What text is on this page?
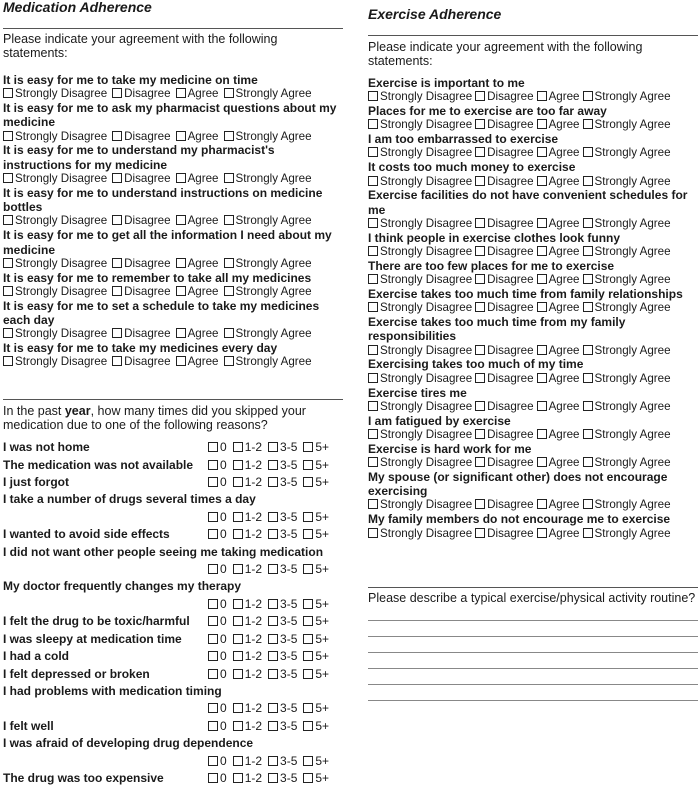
Medication Adherence
Please indicate your agreement with the following statements:
It is easy for me to take my medicine on time
Strongly Disagree Disagree Agree Strongly Agree
It is easy for me to ask my pharmacist questions about my medicine
Strongly Disagree Disagree Agree Strongly Agree
It is easy for me to understand my pharmacist's instructions for my medicine
Strongly Disagree Disagree Agree Strongly Agree
It is easy for me to understand instructions on medicine bottles
Strongly Disagree Disagree Agree Strongly Agree
It is easy for me to get all the information I need about my medicine
Strongly Disagree Disagree Agree Strongly Agree
It is easy for me to remember to take all my medicines
Strongly Disagree Disagree Agree Strongly Agree
It is easy for me to set a schedule to take my medicines each day
Strongly Disagree Disagree Agree Strongly Agree
It is easy for me to take my medicines every day
Strongly Disagree Disagree Agree Strongly Agree
In the past year, how many times did you skipped your medication due to one of the following reasons?
I was not home	0	1-2	3-5	5+
The medication was not available	0	1-2	3-5	5+
I just forgot	0	1-2	3-5	5+
I take a number of drugs several times a day
0	1-2	3-5	5+
I wanted to avoid side effects	0	1-2	3-5	5+
I did not want other people seeing me taking medication
0	1-2	3-5	5+
My doctor frequently changes my therapy
0	1-2	3-5	5+
I felt the drug to be toxic/harmful	0	1-2	3-5	5+
I was sleepy at medication time	0	1-2	3-5	5+
I had a cold	0	1-2	3-5	5+
I felt depressed or broken	0	1-2	3-5	5+
I had problems with medication timing
0	1-2	3-5	5+
I felt well	0	1-2	3-5	5+
I was afraid of developing drug dependence
0	1-2	3-5	5+
The drug was too expensive	0	1-2	3-5	5+
Exercise Adherence
Please indicate your agreement with the following statements:
Exercise is important to me
Strongly Disagree Disagree Agree Strongly Agree
Places for me to exercise are too far away
Strongly Disagree Disagree Agree Strongly Agree
I am too embarrassed to exercise
Strongly Disagree Disagree Agree Strongly Agree
It costs too much money to exercise
Strongly Disagree Disagree Agree Strongly Agree
Exercise facilities do not have convenient schedules for me
Strongly Disagree Disagree Agree Strongly Agree
I think people in exercise clothes look funny
Strongly Disagree Disagree Agree Strongly Agree
There are too few places for me to exercise
Strongly Disagree Disagree Agree Strongly Agree
Exercise takes too much time from family relationships
Strongly Disagree Disagree Agree Strongly Agree
Exercise takes too much time from my family responsibilities
Strongly Disagree Disagree Agree Strongly Agree
Exercising takes too much of my time
Strongly Disagree Disagree Agree Strongly Agree
Exercise tires me
Strongly Disagree Disagree Agree Strongly Agree
I am fatigued by exercise
Strongly Disagree Disagree Agree Strongly Agree
Exercise is hard work for me
Strongly Disagree Disagree Agree Strongly Agree
My spouse (or significant other) does not encourage exercising
Strongly Disagree Disagree Agree Strongly Agree
My family members do not encourage me to exercise
Strongly Disagree Disagree Agree Strongly Agree
Please describe a typical exercise/physical activity routine?
